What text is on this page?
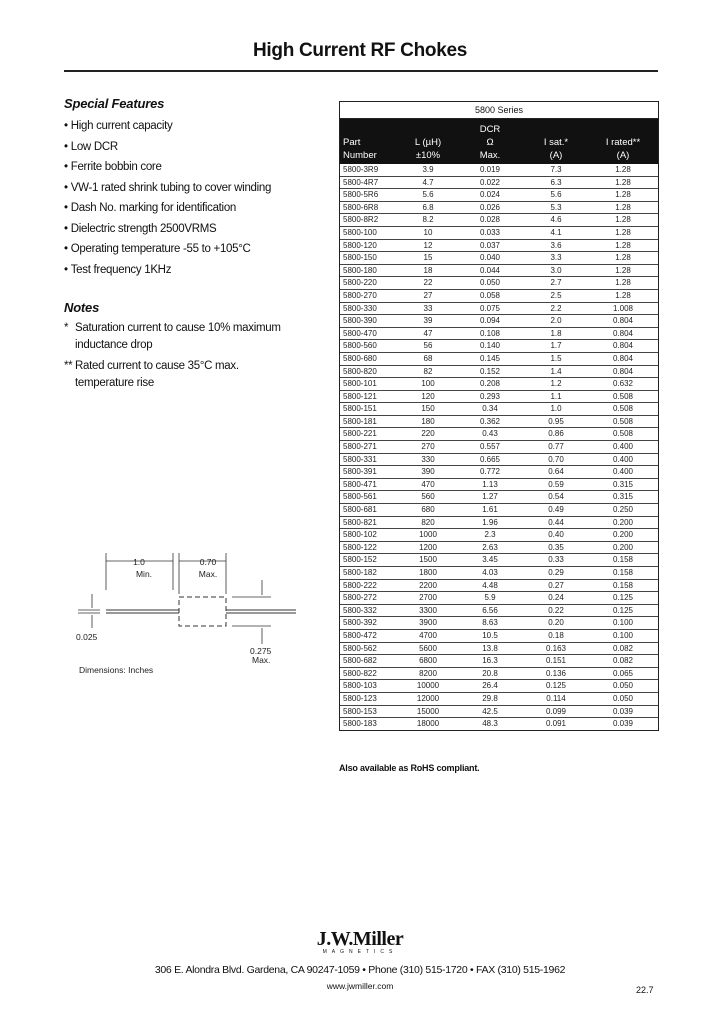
High Current RF Chokes
Special Features
• High current capacity
• Low DCR
• Ferrite bobbin core
• VW-1 rated shrink tubing to cover winding
• Dash No. marking for identification
• Dielectric strength 2500VRMS
• Operating temperature -55 to +105°C
• Test frequency 1KHz
Notes
* Saturation current to cause 10% maximum
inductance drop
** Rated current to cause 35°C max.
temperature rise
1.0
Min.
0.70
Max.
0.025
0.275
Max.
Dimensions: Inches
5800 Series
Part
Number
L (µH)
±10%
DCR
Ω
Max.
I sat.*
(A)
I rated**
(A)
5800-3R9	3.9	0.019	7.3	1.28
5800-4R7	4.7	0.022	6.3	1.28
5800-5R6	5.6	0.024	5.6	1.28
5800-6R8	6.8	0.026	5.3	1.28
5800-8R2	8.2	0.028	4.6	1.28
5800-100	10	0.033	4.1	1.28
5800-120	12	0.037	3.6	1.28
5800-150	15	0.040	3.3	1.28
5800-180	18	0.044	3.0	1.28
5800-220	22	0.050	2.7	1.28
5800-270	27	0.058	2.5	1.28
5800-330	33	0.075	2.2	1.008
5800-390	39	0.094	2.0	0.804
5800-470	47	0.108	1.8	0.804
5800-560	56	0.140	1.7	0.804
5800-680	68	0.145	1.5	0.804
5800-820	82	0.152	1.4	0.804
5800-101	100	0.208	1.2	0.632
5800-121	120	0.293	1.1	0.508
5800-151	150	0.34	1.0	0.508
5800-181	180	0.362	0.95	0.508
5800-221	220	0.43	0.86	0.508
5800-271	270	0.557	0.77	0.400
5800-331	330	0.665	0.70	0.400
5800-391	390	0.772	0.64	0.400
5800-471	470	1.13	0.59	0.315
5800-561	560	1.27	0.54	0.315
5800-681	680	1.61	0.49	0.250
5800-821	820	1.96	0.44	0.200
5800-102	1000	2.3	0.40	0.200
5800-122	1200	2.63	0.35	0.200
5800-152	1500	3.45	0.33	0.158
5800-182	1800	4.03	0.29	0.158
5800-222	2200	4.48	0.27	0.158
5800-272	2700	5.9	0.24	0.125
5800-332	3300	6.56	0.22	0.125
5800-392	3900	8.63	0.20	0.100
5800-472	4700	10.5	0.18	0.100
5800-562	5600	13.8	0.163	0.082
5800-682	6800	16.3	0.151	0.082
5800-822	8200	20.8	0.136	0.065
5800-103	10000	26.4	0.125	0.050
5800-123	12000	29.8	0.114	0.050
5800-153	15000	42.5	0.099	0.039
5800-183	18000	48.3	0.091	0.039
Also available as RoHS compliant.
J.W.Miller
MAGNETICS
306 E. Alondra Blvd. Gardena, CA 90247-1059 • Phone (310) 515-1720 • FAX (310) 515-1962
www.jwmiller.com	22.7
